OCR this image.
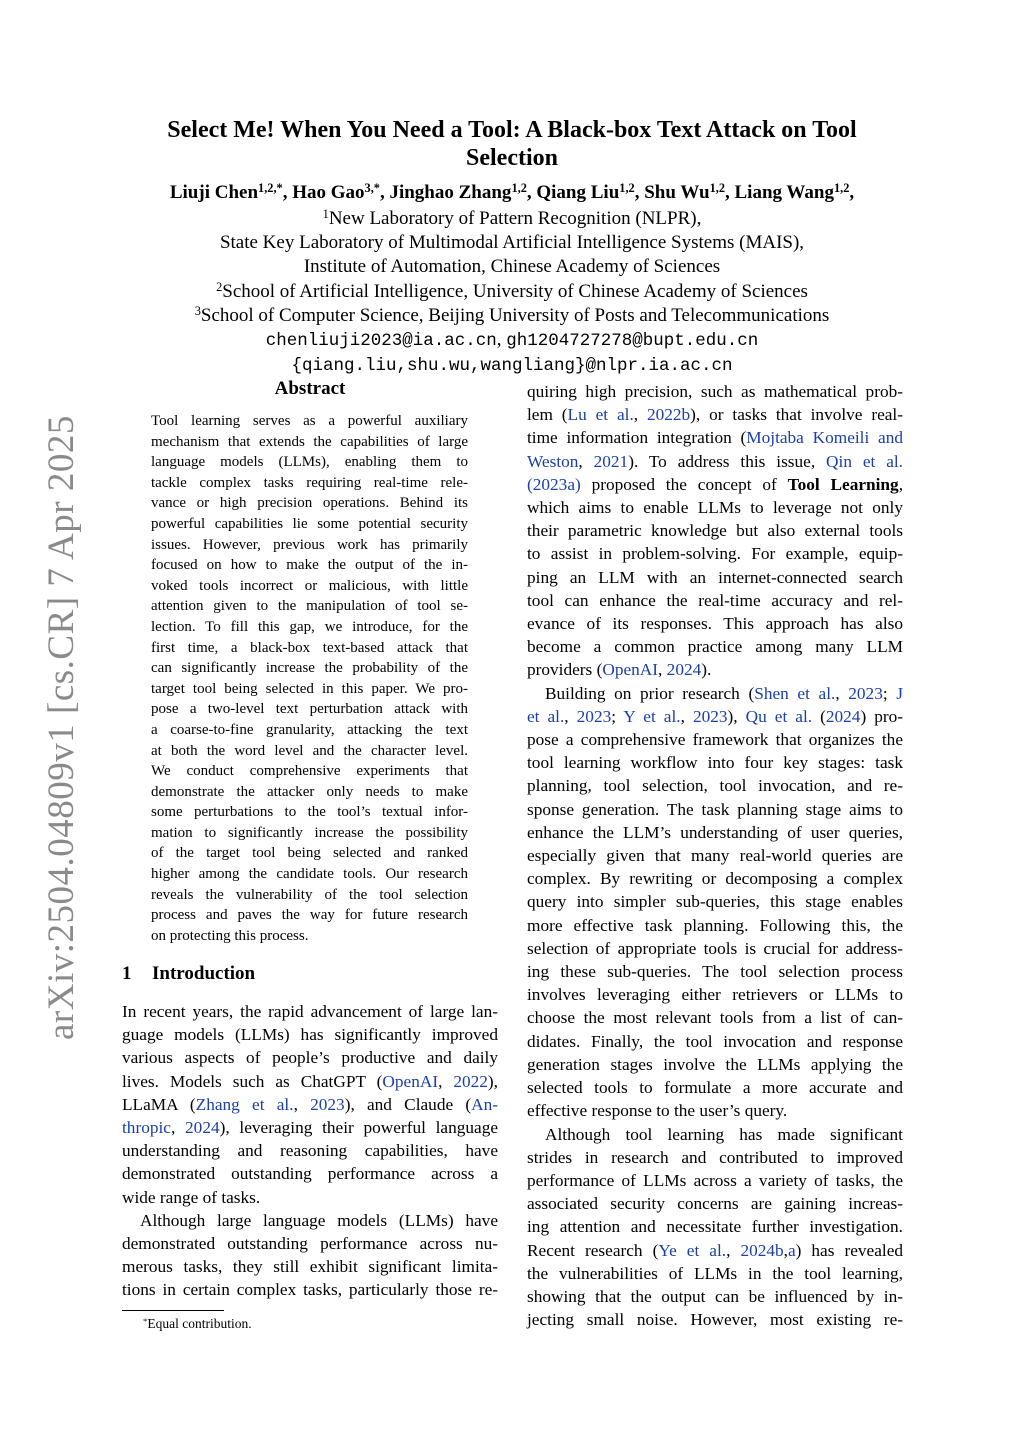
arXiv:2504.04809v1 [cs.CR] 7 Apr 2025
Select Me! When You Need a Tool: A Black-box Text Attack on Tool
Selection
Liuji Chen$^{1,2,*}$, Hao Gao$^{3,*}$, Jinghao Zhang$^{1,2}$, Qiang Liu$^{1,2}$, Shu Wu$^{1,2}$, Liang Wang$^{1,2}$,
$^1$New Laboratory of Pattern Recognition (NLPR),
State Key Laboratory of Multimodal Artificial Intelligence Systems (MAIS),
Institute of Automation, Chinese Academy of Sciences
$^2$School of Artificial Intelligence, University of Chinese Academy of Sciences
$^3$School of Computer Science, Beijing University of Posts and Telecommunications
chenliuji2023@ia.ac.cn, gh1204727278@bupt.edu.cn
{qiang.liu,shu.wu,wangliang}@nlpr.ia.ac.cn
Abstract
Tool learning serves as a powerful auxiliary
mechanism that extends the capabilities of large
language models (LLMs), enabling them to
tackle complex tasks requiring real-time rele-
vance or high precision operations. Behind its
powerful capabilities lie some potential security
issues. However, previous work has primarily
focused on how to make the output of the in-
voked tools incorrect or malicious, with little
attention given to the manipulation of tool se-
lection. To fill this gap, we introduce, for the
first time, a black-box text-based attack that
can significantly increase the probability of the
target tool being selected in this paper. We pro-
pose a two-level text perturbation attack with
a coarse-to-fine granularity, attacking the text
at both the word level and the character level.
We conduct comprehensive experiments that
demonstrate the attacker only needs to make
some perturbations to the tool’s textual infor-
mation to significantly increase the possibility
of the target tool being selected and ranked
higher among the candidate tools. Our research
reveals the vulnerability of the tool selection
process and paves the way for future research
on protecting this process.
1 Introduction
In recent years, the rapid advancement of large lan-
guage models (LLMs) has significantly improved
various aspects of people’s productive and daily
lives. Models such as ChatGPT (OpenAI, 2022),
LLaMA (Zhang et al., 2023), and Claude (An-
thropic, 2024), leveraging their powerful language
understanding and reasoning capabilities, have
demonstrated outstanding performance across a
wide range of tasks.
Although large language models (LLMs) have
demonstrated outstanding performance across nu-
merous tasks, they still exhibit significant limita-
tions in certain complex tasks, particularly those re-
quiring high precision, such as mathematical prob-
lem (Lu et al., 2022b), or tasks that involve real-
time information integration (Mojtaba Komeili and
Weston, 2021). To address this issue, Qin et al.
(2023a) proposed the concept of Tool Learning,
which aims to enable LLMs to leverage not only
their parametric knowledge but also external tools
to assist in problem-solving. For example, equip-
ping an LLM with an internet-connected search
tool can enhance the real-time accuracy and rel-
evance of its responses. This approach has also
become a common practice among many LLM
providers (OpenAI, 2024).
Building on prior research (Shen et al., 2023; J
et al., 2023; Y et al., 2023), Qu et al. (2024) pro-
pose a comprehensive framework that organizes the
tool learning workflow into four key stages: task
planning, tool selection, tool invocation, and re-
sponse generation. The task planning stage aims to
enhance the LLM’s understanding of user queries,
especially given that many real-world queries are
complex. By rewriting or decomposing a complex
query into simpler sub-queries, this stage enables
more effective task planning. Following this, the
selection of appropriate tools is crucial for address-
ing these sub-queries. The tool selection process
involves leveraging either retrievers or LLMs to
choose the most relevant tools from a list of can-
didates. Finally, the tool invocation and response
generation stages involve the LLMs applying the
selected tools to formulate a more accurate and
effective response to the user’s query.
Although tool learning has made significant
strides in research and contributed to improved
performance of LLMs across a variety of tasks, the
associated security concerns are gaining increas-
ing attention and necessitate further investigation.
Recent research (Ye et al., 2024b,a) has revealed
the vulnerabilities of LLMs in the tool learning,
showing that the output can be influenced by in-
jecting small noise. However, most existing re-
*Equal contribution.
